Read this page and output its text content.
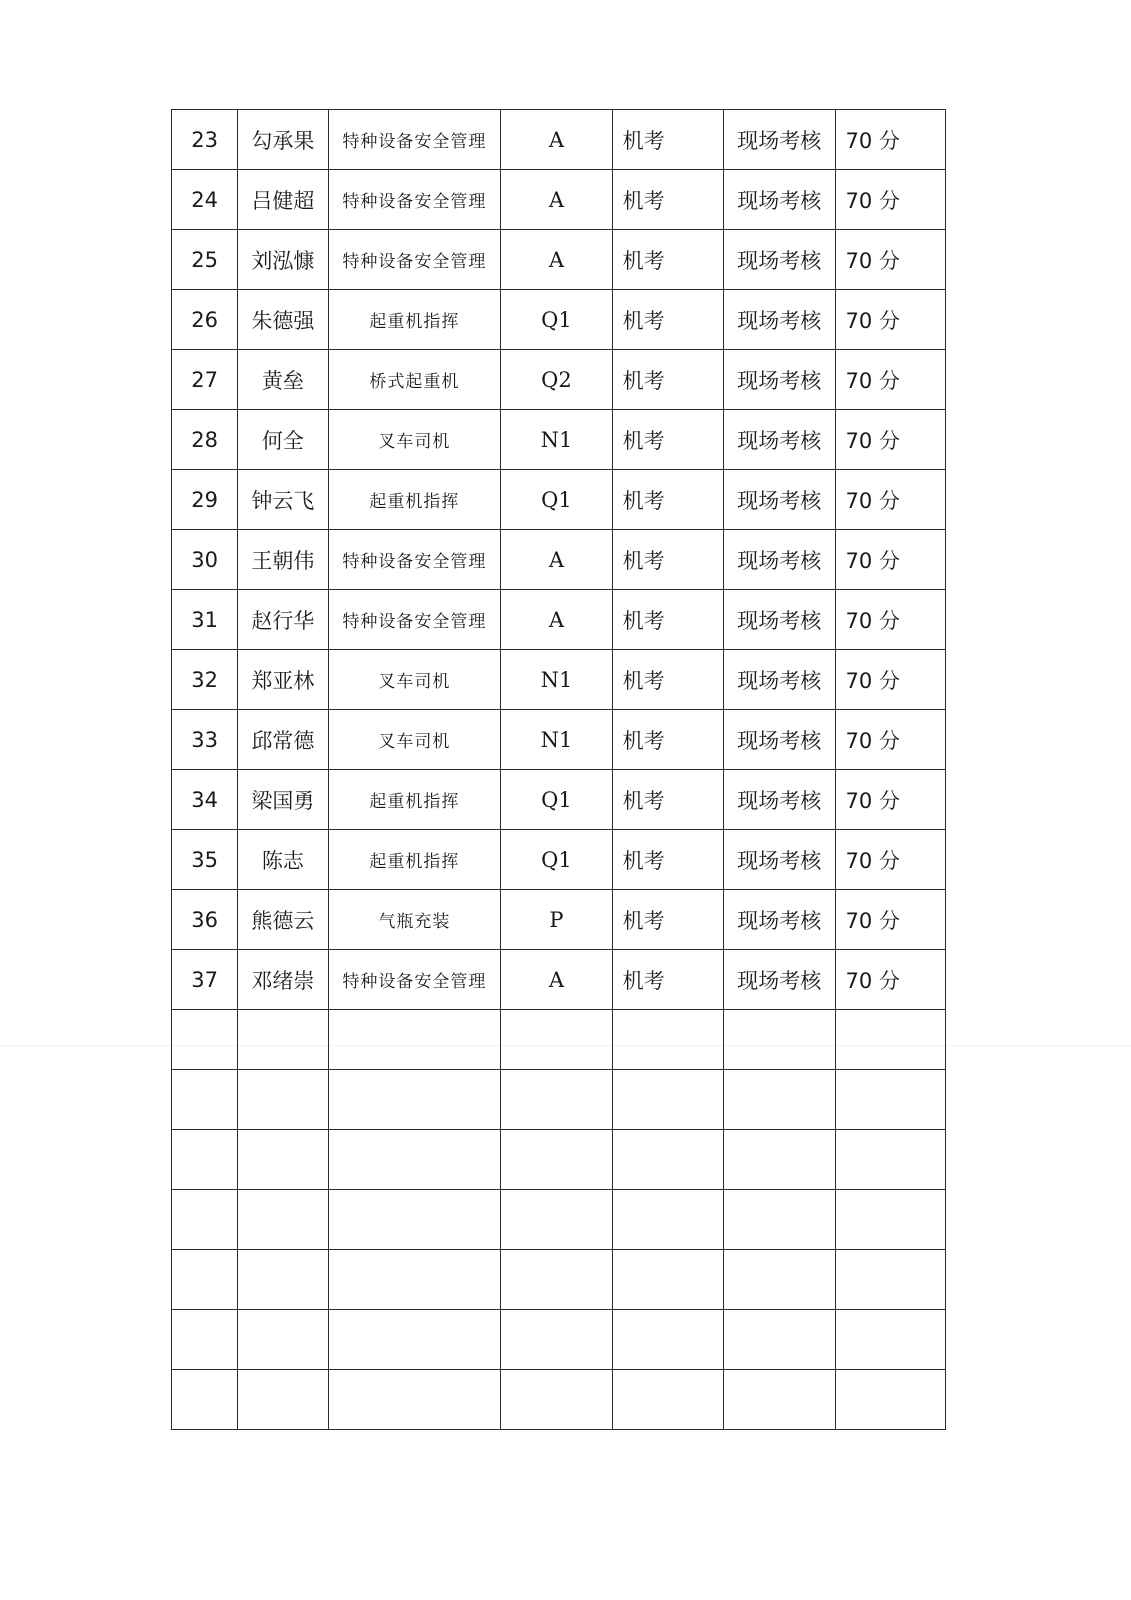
23	勾承果	特种设备安全管理	A	机考	现场考核	70 分
24	吕健超	特种设备安全管理	A	机考	现场考核	70 分
25	刘泓慷	特种设备安全管理	A	机考	现场考核	70 分
26	朱德强	起重机指挥	Q1	机考	现场考核	70 分
27	黄垒	桥式起重机	Q2	机考	现场考核	70 分
28	何全	叉车司机	N1	机考	现场考核	70 分
29	钟云飞	起重机指挥	Q1	机考	现场考核	70 分
30	王朝伟	特种设备安全管理	A	机考	现场考核	70 分
31	赵行华	特种设备安全管理	A	机考	现场考核	70 分
32	郑亚林	叉车司机	N1	机考	现场考核	70 分
33	邱常德	叉车司机	N1	机考	现场考核	70 分
34	梁国勇	起重机指挥	Q1	机考	现场考核	70 分
35	陈志	起重机指挥	Q1	机考	现场考核	70 分
36	熊德云	气瓶充装	P	机考	现场考核	70 分
37	邓绪崇	特种设备安全管理	A	机考	现场考核	70 分
